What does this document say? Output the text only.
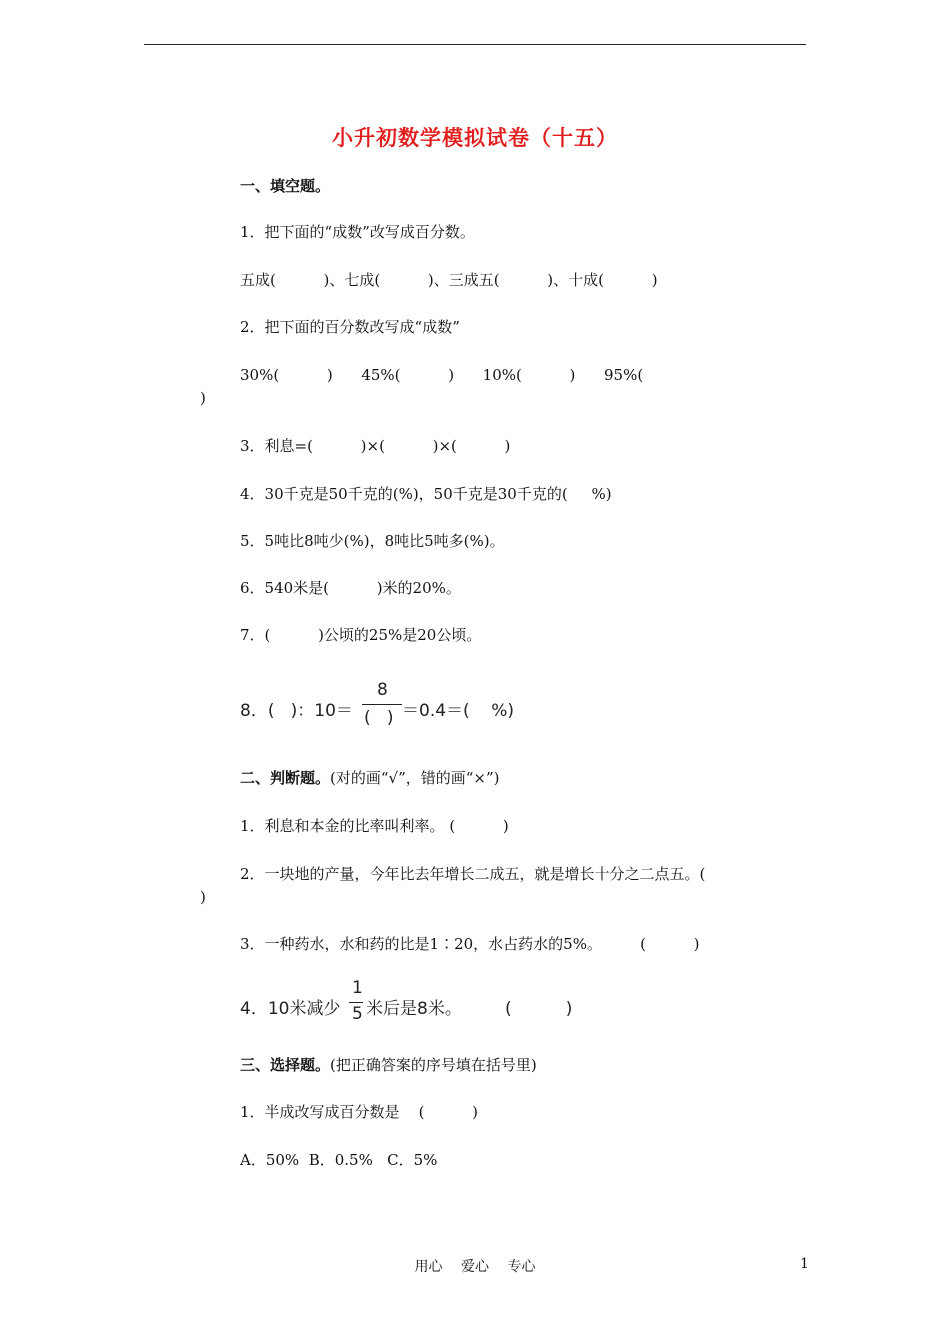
小升初数学模拟试卷（十五）
一、填空题。
1．把下面的“成数”改写成百分数。
五成(          )、七成(          )、三成五(          )、十成(          )
2．把下面的百分数改写成“成数”
30%(          )      45%(          )      10%(          )      95%(
)
3．利息=(          )×(          )×(          )
4．30千克是50千克的(%)，50千克是30千克的(     %)
5．5吨比8吨少(%)，8吨比5吨多(%)。
6．540米是(          )米的20%。
7．(          )公顷的25%是20公顷。
8．(   )：10＝
8
(   ) ＝0.4＝(    %)
二、判断题。(对的画“√”，错的画“×”)
1．利息和本金的比率叫利率。 (          )
2．一块地的产量，今年比去年增长二成五，就是增长十分之二点五。(
)
3．一种药水，水和药的比是1∶20，水占药水的5%。        (          )
4．10米减少
1
5 米后是8米。        (          )
三、选择题。(把正确答案的序号填在括号里)
1．半成改写成百分数是    (          )
A．50%  B．0.5%   C．5%
用心 爱心 专心	1
